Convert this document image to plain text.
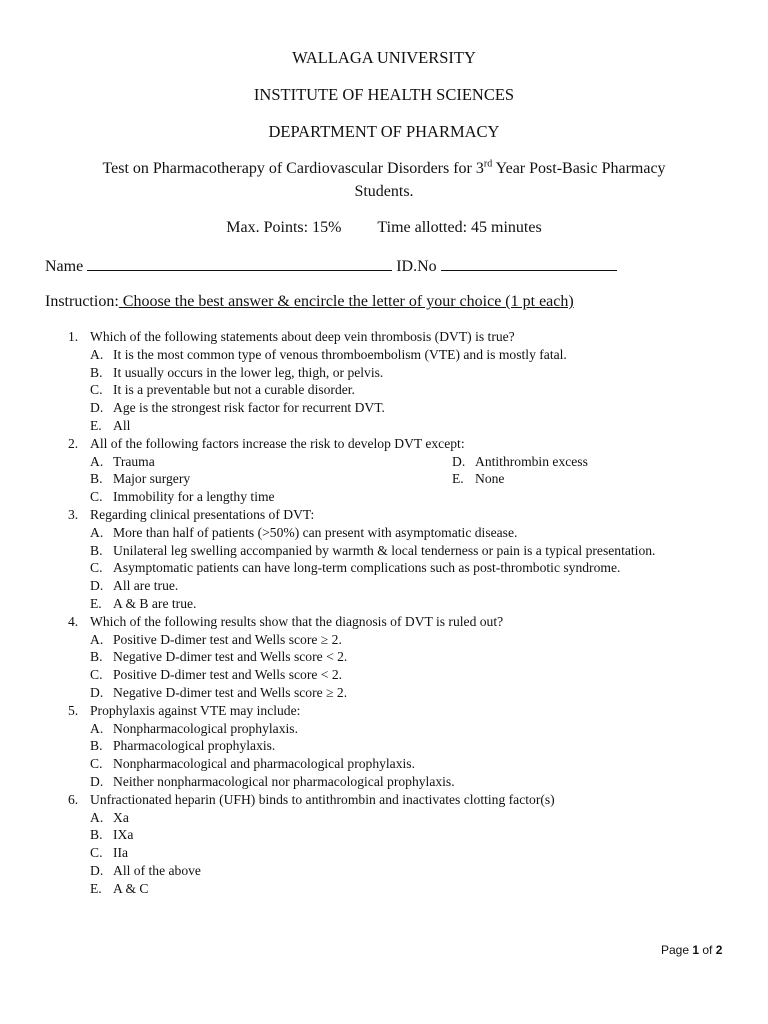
WALLAGA UNIVERSITY
INSTITUTE OF HEALTH SCIENCES
DEPARTMENT OF PHARMACY
Test on Pharmacotherapy of Cardiovascular Disorders for 3rd Year Post-Basic Pharmacy
Students.
Max. Points: 15% Time allotted: 45 minutes
Name	ID.No
Instruction: Choose the best answer & encircle the letter of your choice (1 pt each)
1. Which of the following statements about deep vein thrombosis (DVT) is true?
A. It is the most common type of venous thromboembolism (VTE) and is mostly fatal.
B. It usually occurs in the lower leg, thigh, or pelvis.
C. It is a preventable but not a curable disorder.
D. Age is the strongest risk factor for recurrent DVT.
E. All
2. All of the following factors increase the risk to develop DVT except:
A. Trauma	D. Antithrombin excess
B. Major surgery	E. None
C. Immobility for a lengthy time
3. Regarding clinical presentations of DVT:
A. More than half of patients (>50%) can present with asymptomatic disease.
B. Unilateral leg swelling accompanied by warmth & local tenderness or pain is a typical presentation.
C. Asymptomatic patients can have long-term complications such as post-thrombotic syndrome.
D. All are true.
E. A & B are true.
4. Which of the following results show that the diagnosis of DVT is ruled out?
A. Positive D-dimer test and Wells score ≥ 2.
B. Negative D-dimer test and Wells score < 2.
C. Positive D-dimer test and Wells score < 2.
D. Negative D-dimer test and Wells score ≥ 2.
5. Prophylaxis against VTE may include:
A. Nonpharmacological prophylaxis.
B. Pharmacological prophylaxis.
C. Nonpharmacological and pharmacological prophylaxis.
D. Neither nonpharmacological nor pharmacological prophylaxis.
6. Unfractionated heparin (UFH) binds to antithrombin and inactivates clotting factor(s)
A. Xa
B. IXa
C. IIa
D. All of the above
E. A & C
Page 1 of 2
